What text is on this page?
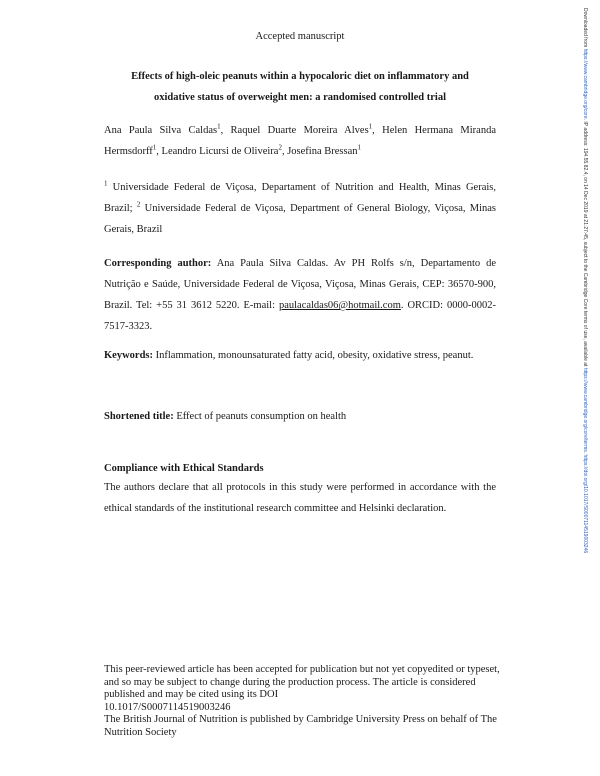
Accepted manuscript
Effects of high-oleic peanuts within a hypocaloric diet on inflammatory and
oxidative status of overweight men: a randomised controlled trial
Ana Paula Silva Caldas$^1$, Raquel Duarte Moreira Alves$^1$, Helen Hermana Miranda Hermsdorff$^1$, Leandro Licursi de Oliveira$^2$, Josefina Bressan$^1$
$^1$ Universidade Federal de Viçosa, Departament of Nutrition and Health, Minas Gerais, Brazil; $^2$ Universidade Federal de Viçosa, Department of General Biology, Viçosa, Minas Gerais, Brazil
Corresponding author: Ana Paula Silva Caldas. Av PH Rolfs s/n, Departamento de Nutrição e Saúde, Universidade Federal de Viçosa, Viçosa, Minas Gerais, CEP: 36570-900, Brazil. Tel: +55 31 3612 5220. E-mail: paulacaldas06@hotmail.com. ORCID: 0000-0002-7517-3323.
Keywords: Inflammation, monounsaturated fatty acid, obesity, oxidative stress, peanut.
Shortened title: Effect of peanuts consumption on health
Compliance with Ethical Standards
The authors declare that all protocols in this study were performed in accordance with the ethical standards of the institutional research committee and Helsinki declaration.
This peer-reviewed article has been accepted for publication but not yet copyedited or typeset, and so may be subject to change during the production process. The article is considered published and may be cited using its DOI
10.1017/S0007114519003246
The British Journal of Nutrition is published by Cambridge University Press on behalf of The Nutrition Society
Downloaded from https://www.cambridge.org/core. IP address: 194.55.82.4, on 14 Dec 2019 at 21:27:45, subject to the Cambridge Core terms of use, available at https://www.cambridge.org/core/terms. https://doi.org/10.1017/S0007114519003246
